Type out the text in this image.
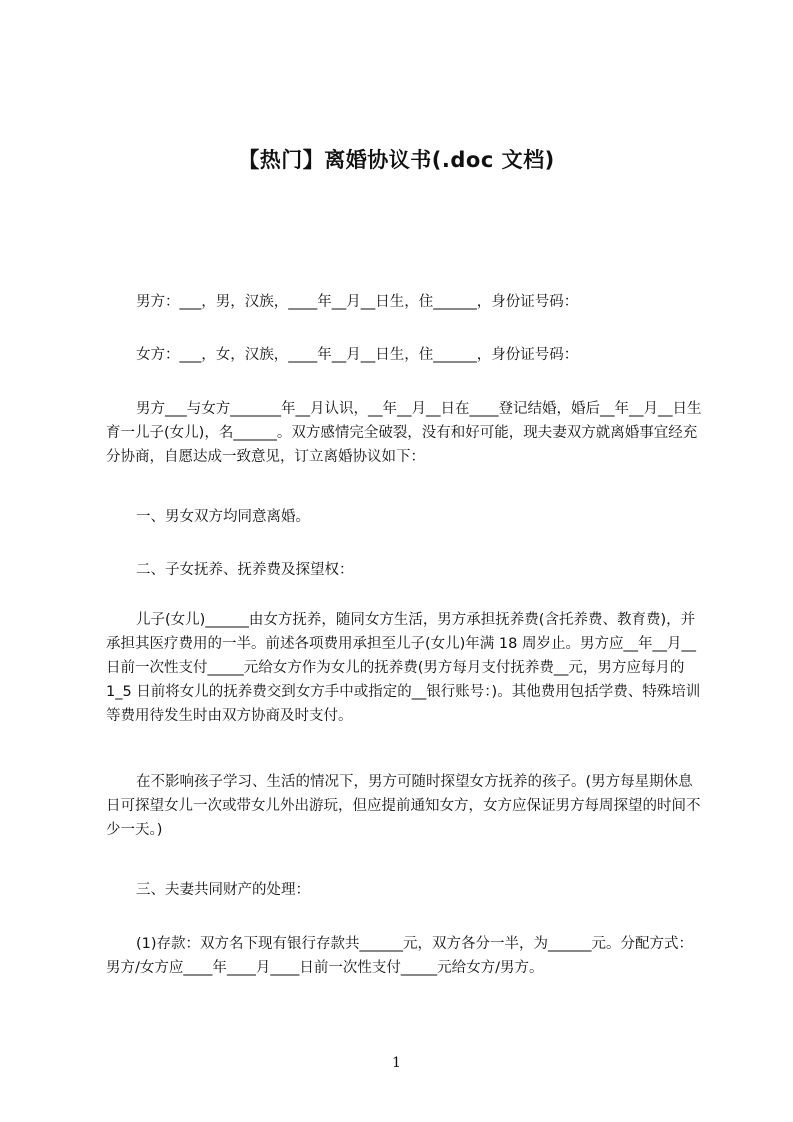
【热门】离婚协议书(.doc 文档)

男方：___，男，汉族，____年__月__日生，住______，身份证号码：

女方：___，女，汉族，____年__月__日生，住______，身份证号码：

男方___与女方_______年__月认识，__年__月__日在____登记结婚，婚后__年__月__日生育一儿子(女儿)，名______。双方感情完全破裂，没有和好可能，现夫妻双方就离婚事宜经充分协商，自愿达成一致意见，订立离婚协议如下：

一、男女双方均同意离婚。

二、子女抚养、抚养费及探望权：

儿子(女儿)______由女方抚养，随同女方生活，男方承担抚养费(含托养费、教育费)，并承担其医疗费用的一半。前述各项费用承担至儿子(女儿)年满 18 周岁止。男方应__年__月__日前一次性支付_____元给女方作为女儿的抚养费(男方每月支付抚养费__元，男方应每月的 1_5 日前将女儿的抚养费交到女方手中或指定的__银行账号：)。其他费用包括学费、特殊培训等费用待发生时由双方协商及时支付。

在不影响孩子学习、生活的情况下，男方可随时探望女方抚养的孩子。(男方每星期休息日可探望女儿一次或带女儿外出游玩，但应提前通知女方，女方应保证男方每周探望的时间不少一天。)

三、夫妻共同财产的处理：

(1)存款：双方名下现有银行存款共______元，双方各分一半，为______元。分配方式：男方/女方应____年____月____日前一次性支付_____元给女方/男方。

1
